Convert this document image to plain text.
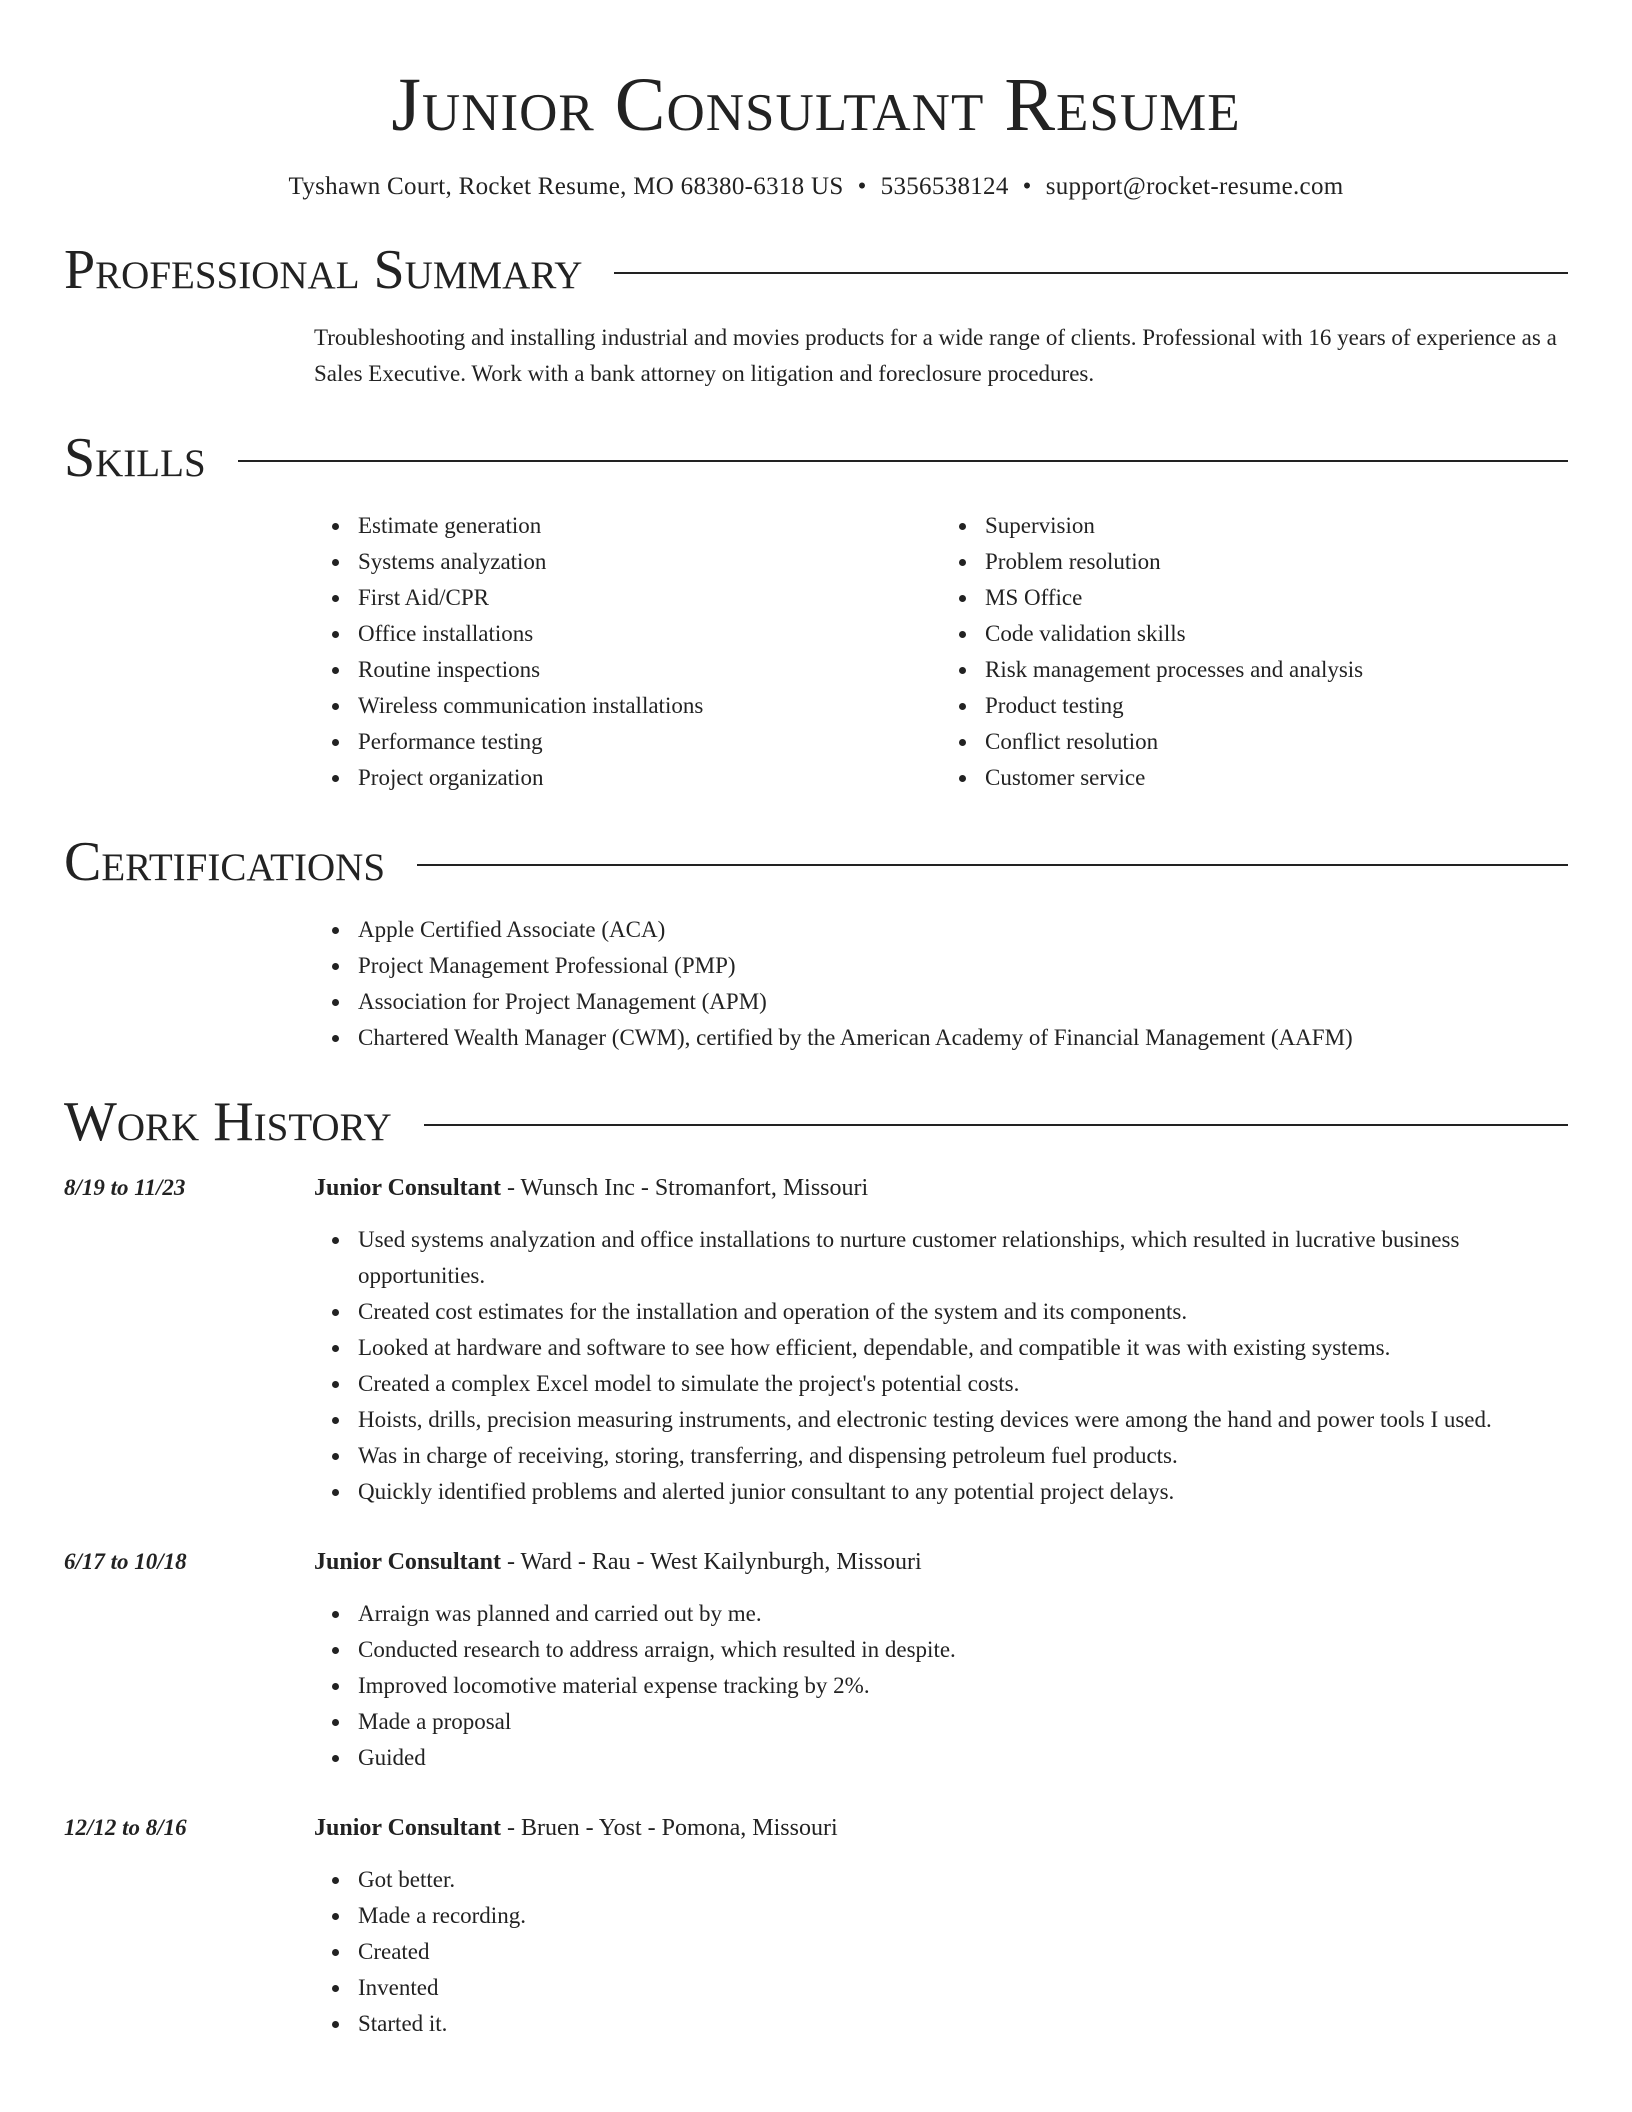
Junior Consultant Resume
Tyshawn Court, Rocket Resume, MO 68380-6318 US • 5356538124 • support@rocket-resume.com
Professional Summary
Troubleshooting and installing industrial and movies products for a wide range of clients. Professional with 16 years of experience as a Sales Executive. Work with a bank attorney on litigation and foreclosure procedures.
Skills
Estimate generation
Systems analyzation
First Aid/CPR
Office installations
Routine inspections
Wireless communication installations
Performance testing
Project organization
Supervision
Problem resolution
MS Office
Code validation skills
Risk management processes and analysis
Product testing
Conflict resolution
Customer service
Certifications
Apple Certified Associate (ACA)
Project Management Professional (PMP)
Association for Project Management (APM)
Chartered Wealth Manager (CWM), certified by the American Academy of Financial Management (AAFM)
Work History
8/19 to 11/23	Junior Consultant - Wunsch Inc - Stromanfort, Missouri
Used systems analyzation and office installations to nurture customer relationships, which resulted in lucrative business opportunities.
Created cost estimates for the installation and operation of the system and its components.
Looked at hardware and software to see how efficient, dependable, and compatible it was with existing systems.
Created a complex Excel model to simulate the project's potential costs.
Hoists, drills, precision measuring instruments, and electronic testing devices were among the hand and power tools I used.
Was in charge of receiving, storing, transferring, and dispensing petroleum fuel products.
Quickly identified problems and alerted junior consultant to any potential project delays.
6/17 to 10/18	Junior Consultant - Ward - Rau - West Kailynburgh, Missouri
Arraign was planned and carried out by me.
Conducted research to address arraign, which resulted in despite.
Improved locomotive material expense tracking by 2%.
Made a proposal
Guided
12/12 to 8/16	Junior Consultant - Bruen - Yost - Pomona, Missouri
Got better.
Made a recording.
Created
Invented
Started it.
